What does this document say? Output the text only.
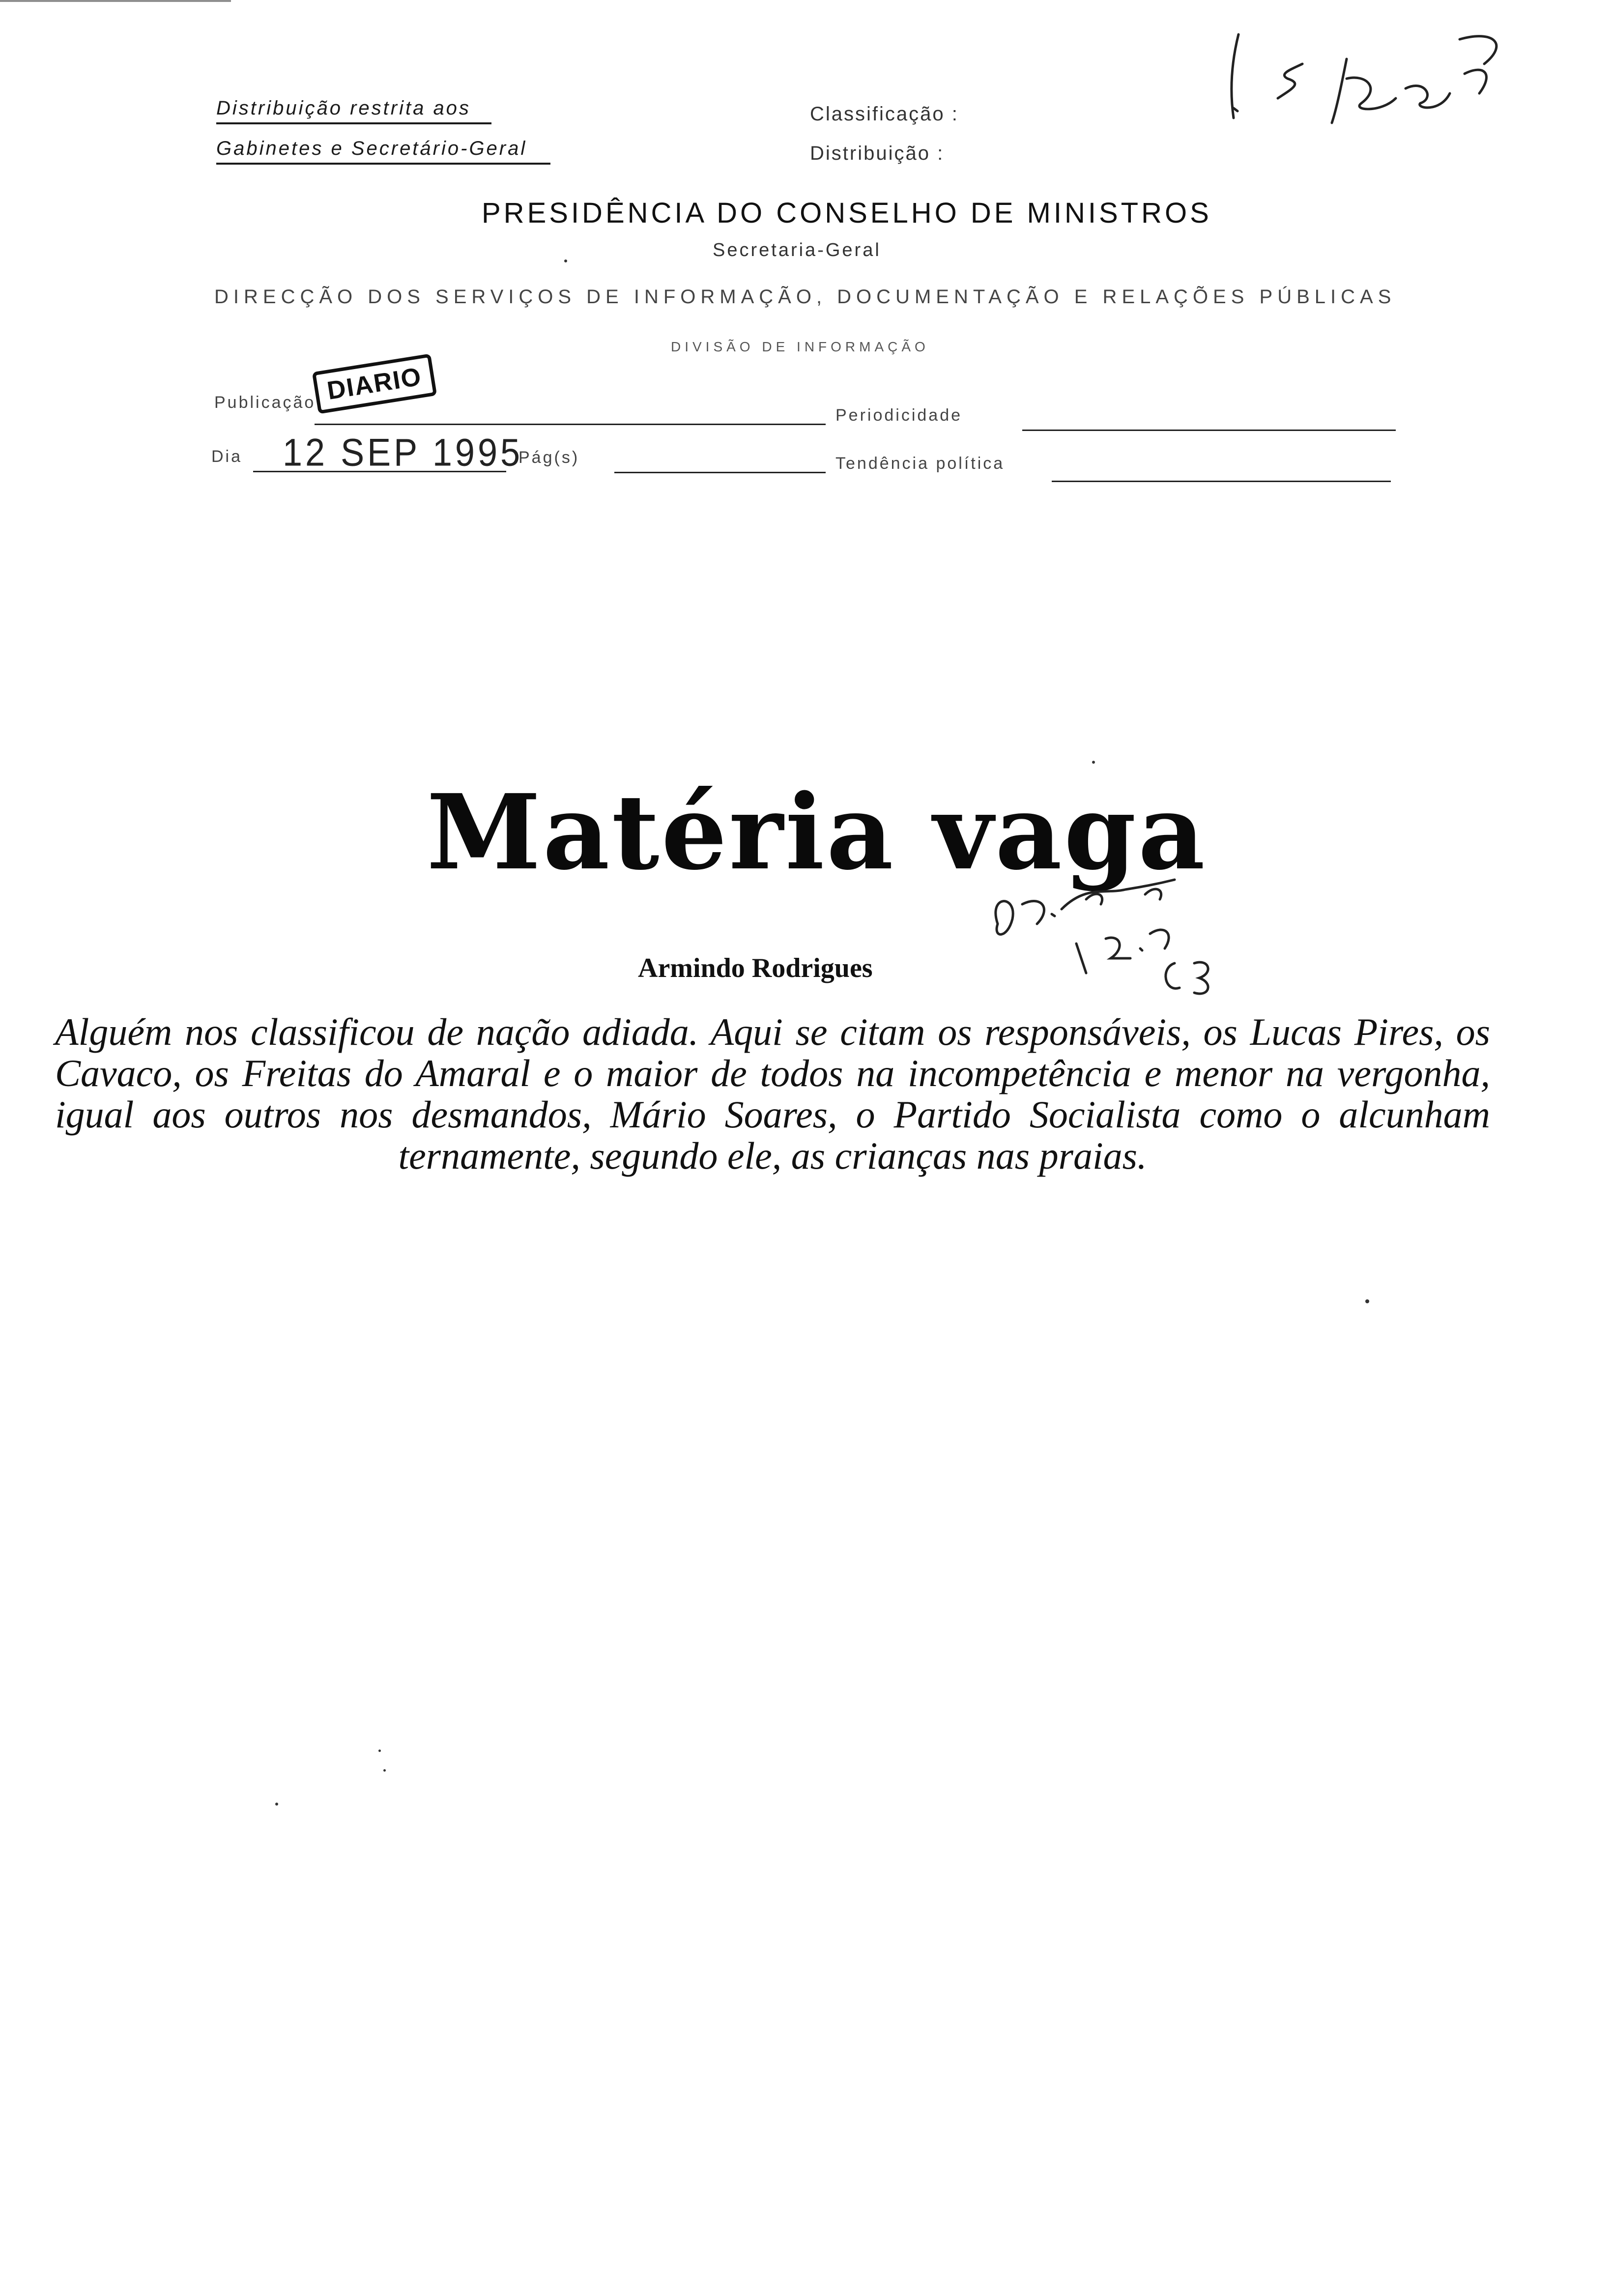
Distribuição restrita aos
Gabinetes e Secretário-Geral
Classificação :
Distribuição :
PRESIDÊNCIA DO CONSELHO DE MINISTROS
Secretaria-Geral
DIRECÇÃO DOS SERVIÇOS DE INFORMAÇÃO, DOCUMENTAÇÃO E RELAÇÕES PÚBLICAS
DIVISÃO DE INFORMAÇÃO
Publicação DIARIO
Periodicidade
Dia 12 SEP 1995
Pág(s)	Tendência política
Matéria vaga
Armindo Rodrigues
Alguém nos classificou de nação adiada. Aqui se citam os responsáveis, os Lucas Pires, os Cavaco, os Freitas do Amaral e o maior de todos na incompetência e menor na vergonha, igual aos outros nos desmandos, Mário Soares, o Partido Socialista como o alcunham ternamente, segundo ele, as crianças nas praias.
